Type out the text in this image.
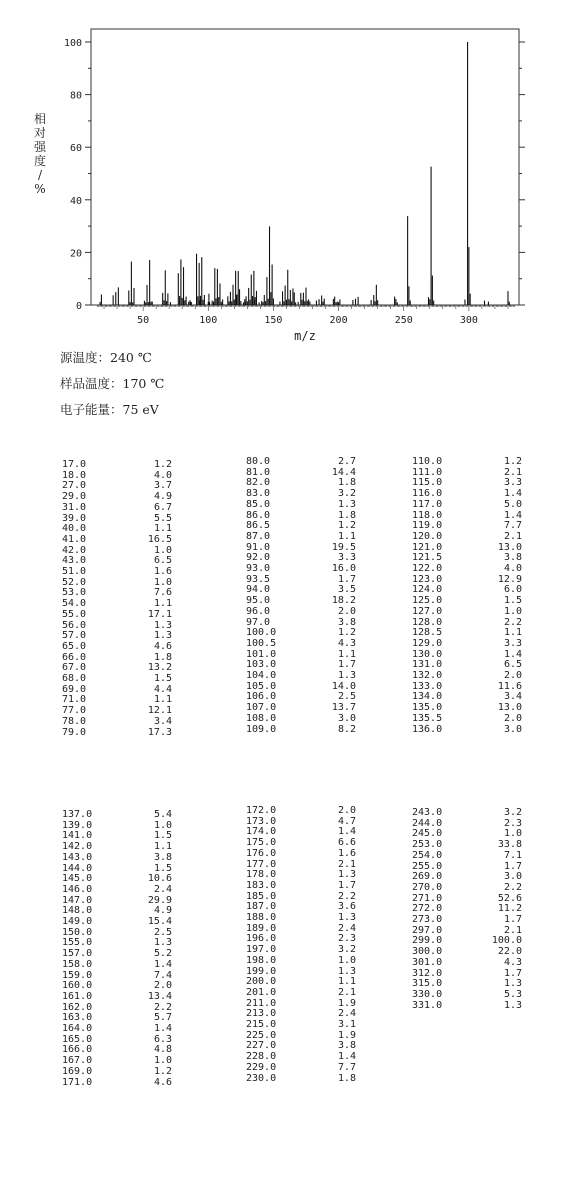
0
20
40
60
80
100
50	100	150	200	250	300
m/z
相
对
强
度
/
%
源温度：240 ℃
样品温度：170 ℃
电子能量：75 eV
17.0	1.2
18.0	4.0
27.0	3.7
29.0	4.9
31.0	6.7
39.0	5.5
40.0	1.1
41.0	16.5
42.0	1.0
43.0	6.5
51.0	1.6
52.0	1.0
53.0	7.6
54.0	1.1
55.0	17.1
56.0	1.3
57.0	1.3
65.0	4.6
66.0	1.8
67.0	13.2
68.0	1.5
69.0	4.4
71.0	1.1
77.0	12.1
78.0	3.4
79.0	17.3
80.0	2.7
81.0	14.4
82.0	1.8
83.0	3.2
85.0	1.3
86.0	1.8
86.5	1.2
87.0	1.1
91.0	19.5
92.0	3.3
93.0	16.0
93.5	1.7
94.0	3.5
95.0	18.2
96.0	2.0
97.0	3.8
100.0	1.2
100.5	4.3
101.0	1.1
103.0	1.7
104.0	1.3
105.0	14.0
106.0	2.5
107.0	13.7
108.0	3.0
109.0	8.2
110.0	1.2
111.0	2.1
115.0	3.3
116.0	1.4
117.0	5.0
118.0	1.4
119.0	7.7
120.0	2.1
121.0	13.0
121.5	3.8
122.0	4.0
123.0	12.9
124.0	6.0
125.0	1.5
127.0	1.0
128.0	2.2
128.5	1.1
129.0	3.3
130.0	1.4
131.0	6.5
132.0	2.0
133.0	11.6
134.0	3.4
135.0	13.0
135.5	2.0
136.0	3.0
137.0	5.4
139.0	1.0
141.0	1.5
142.0	1.1
143.0	3.8
144.0	1.5
145.0	10.6
146.0	2.4
147.0	29.9
148.0	4.9
149.0	15.4
150.0	2.5
155.0	1.3
157.0	5.2
158.0	1.4
159.0	7.4
160.0	2.0
161.0	13.4
162.0	2.2
163.0	5.7
164.0	1.4
165.0	6.3
166.0	4.8
167.0	1.0
169.0	1.2
171.0	4.6
172.0	2.0
173.0	4.7
174.0	1.4
175.0	6.6
176.0	1.6
177.0	2.1
178.0	1.3
183.0	1.7
185.0	2.2
187.0	3.6
188.0	1.3
189.0	2.4
196.0	2.3
197.0	3.2
198.0	1.0
199.0	1.3
200.0	1.1
201.0	2.1
211.0	1.9
213.0	2.4
215.0	3.1
225.0	1.9
227.0	3.8
228.0	1.4
229.0	7.7
230.0	1.8
243.0	3.2
244.0	2.3
245.0	1.0
253.0	33.8
254.0	7.1
255.0	1.7
269.0	3.0
270.0	2.2
271.0	52.6
272.0	11.2
273.0	1.7
297.0	2.1
299.0	100.0
300.0	22.0
301.0	4.3
312.0	1.7
315.0	1.3
330.0	5.3
331.0	1.3
